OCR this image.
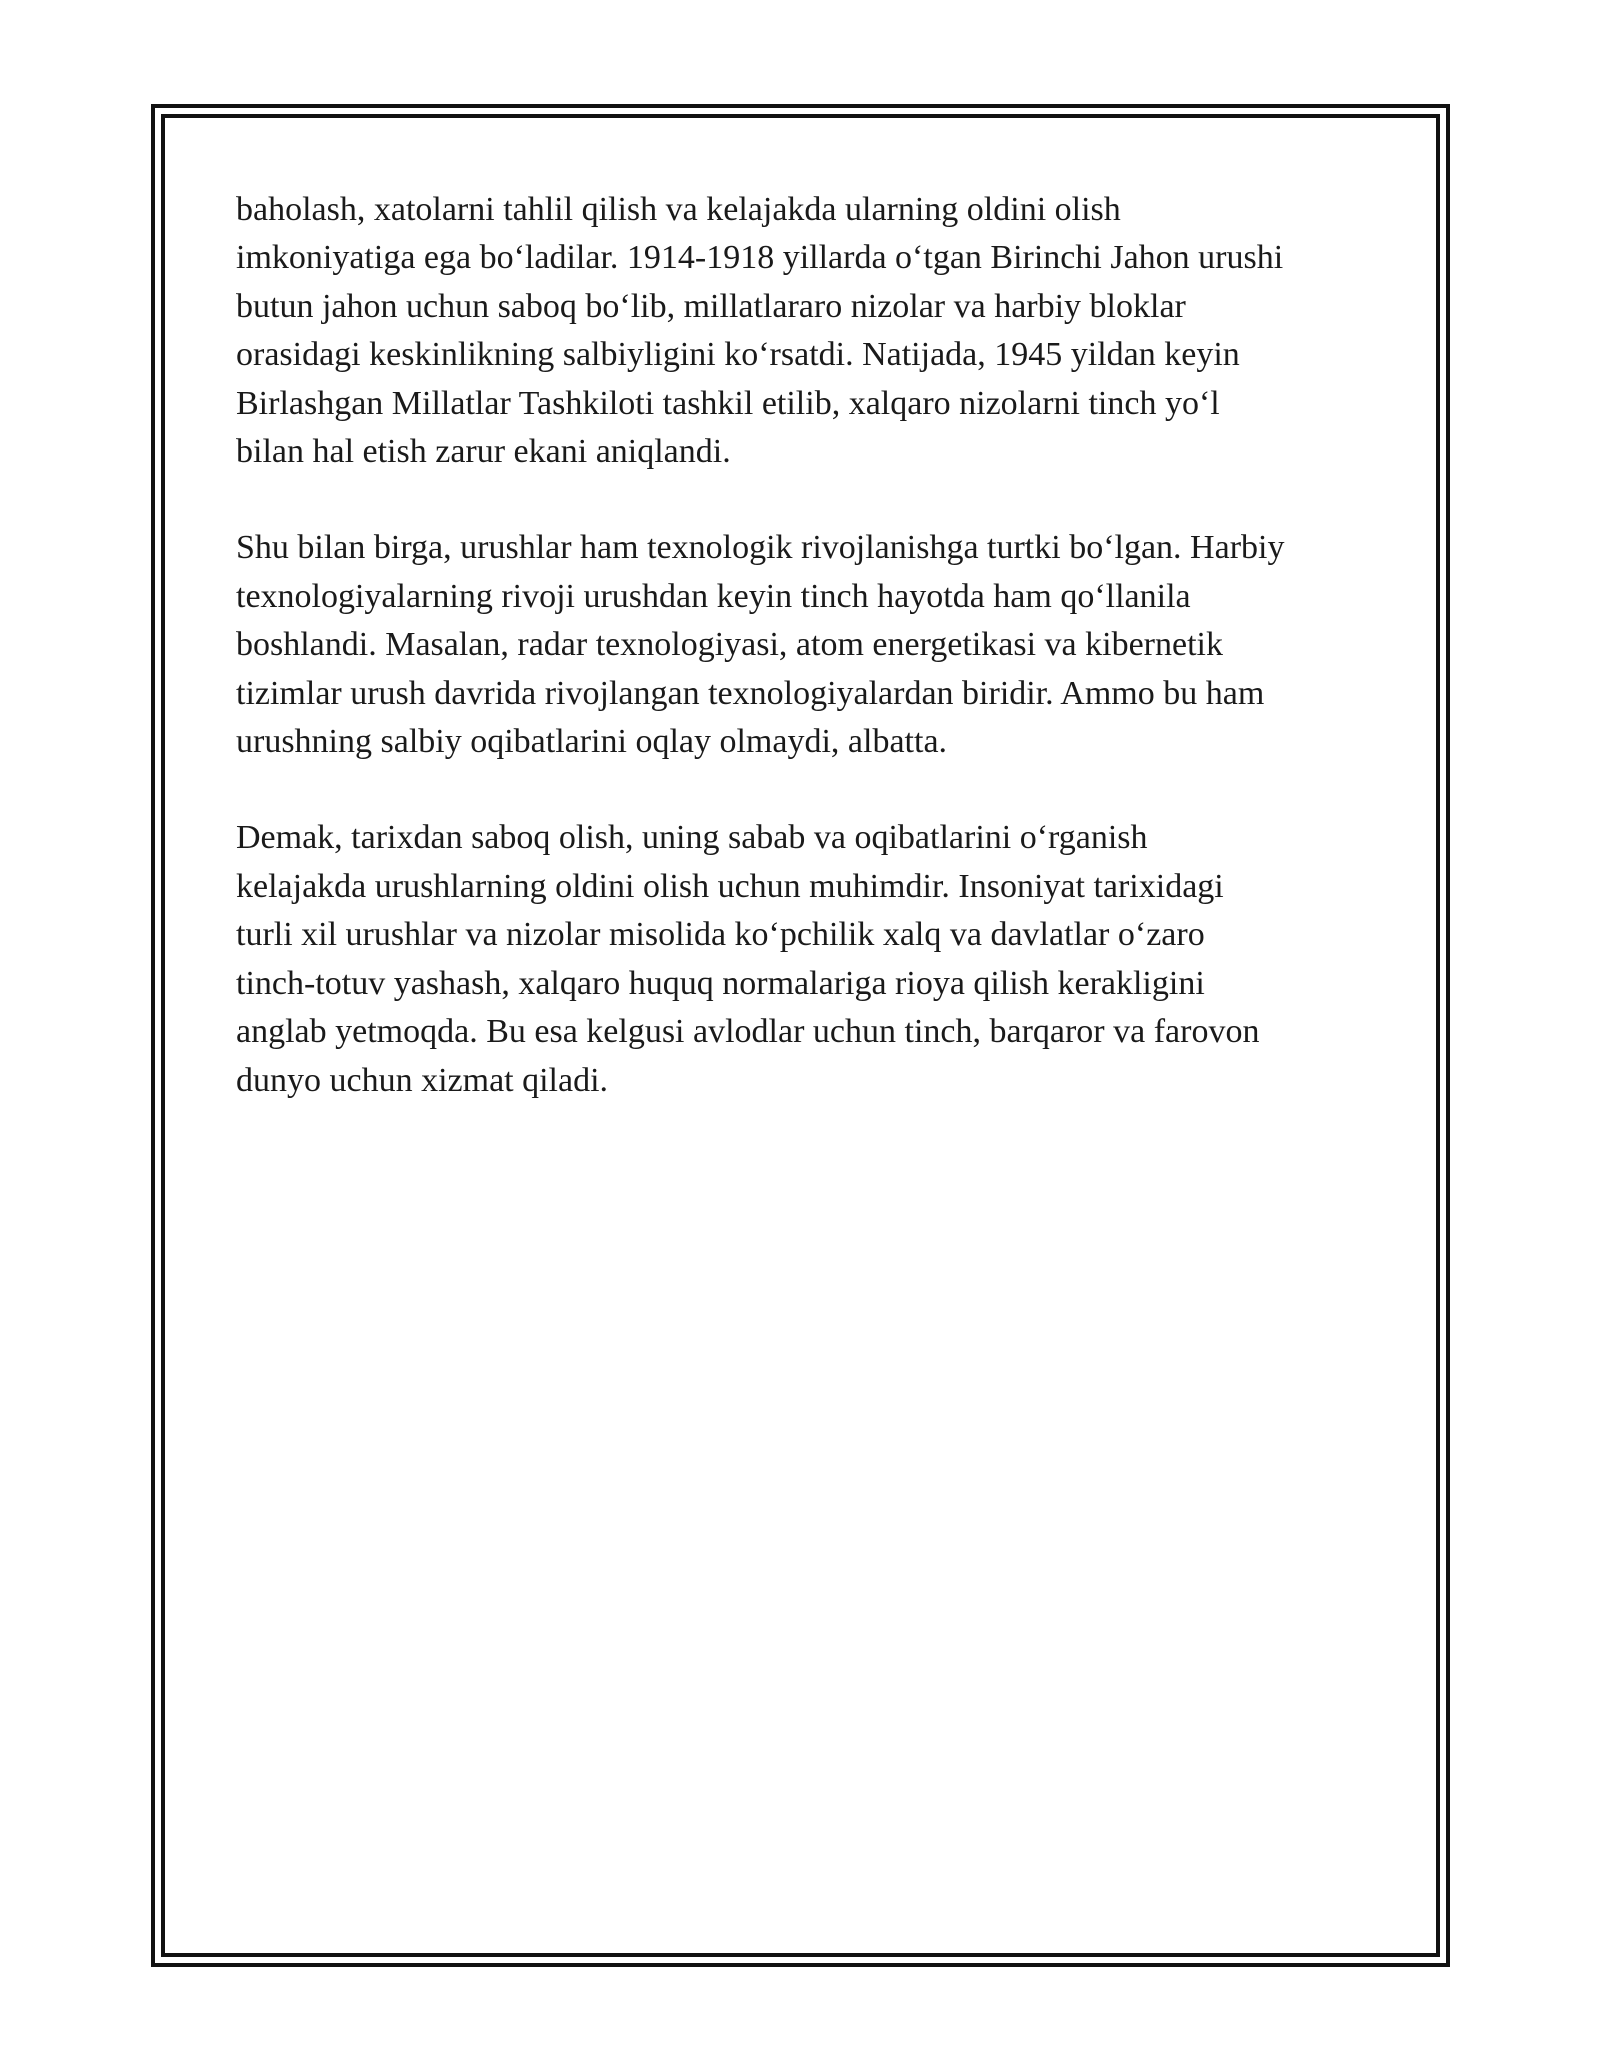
baholash, xatolarni tahlil qilish va kelajakda ularning oldini olish
imkoniyatiga ega bo‘ladilar. 1914-1918 yillarda o‘tgan Birinchi Jahon urushi
butun jahon uchun saboq bo‘lib, millatlararo nizolar va harbiy bloklar
orasidagi keskinlikning salbiyligini ko‘rsatdi. Natijada, 1945 yildan keyin
Birlashgan Millatlar Tashkiloti tashkil etilib, xalqaro nizolarni tinch yo‘l
bilan hal etish zarur ekani aniqlandi.

Shu bilan birga, urushlar ham texnologik rivojlanishga turtki bo‘lgan. Harbiy
texnologiyalarning rivoji urushdan keyin tinch hayotda ham qo‘llanila
boshlandi. Masalan, radar texnologiyasi, atom energetikasi va kibernetik
tizimlar urush davrida rivojlangan texnologiyalardan biridir. Ammo bu ham
urushning salbiy oqibatlarini oqlay olmaydi, albatta.

Demak, tarixdan saboq olish, uning sabab va oqibatlarini o‘rganish
kelajakda urushlarning oldini olish uchun muhimdir. Insoniyat tarixidagi
turli xil urushlar va nizolar misolida ko‘pchilik xalq va davlatlar o‘zaro
tinch-totuv yashash, xalqaro huquq normalariga rioya qilish kerakligini
anglab yetmoqda. Bu esa kelgusi avlodlar uchun tinch, barqaror va farovon
dunyo uchun xizmat qiladi.
